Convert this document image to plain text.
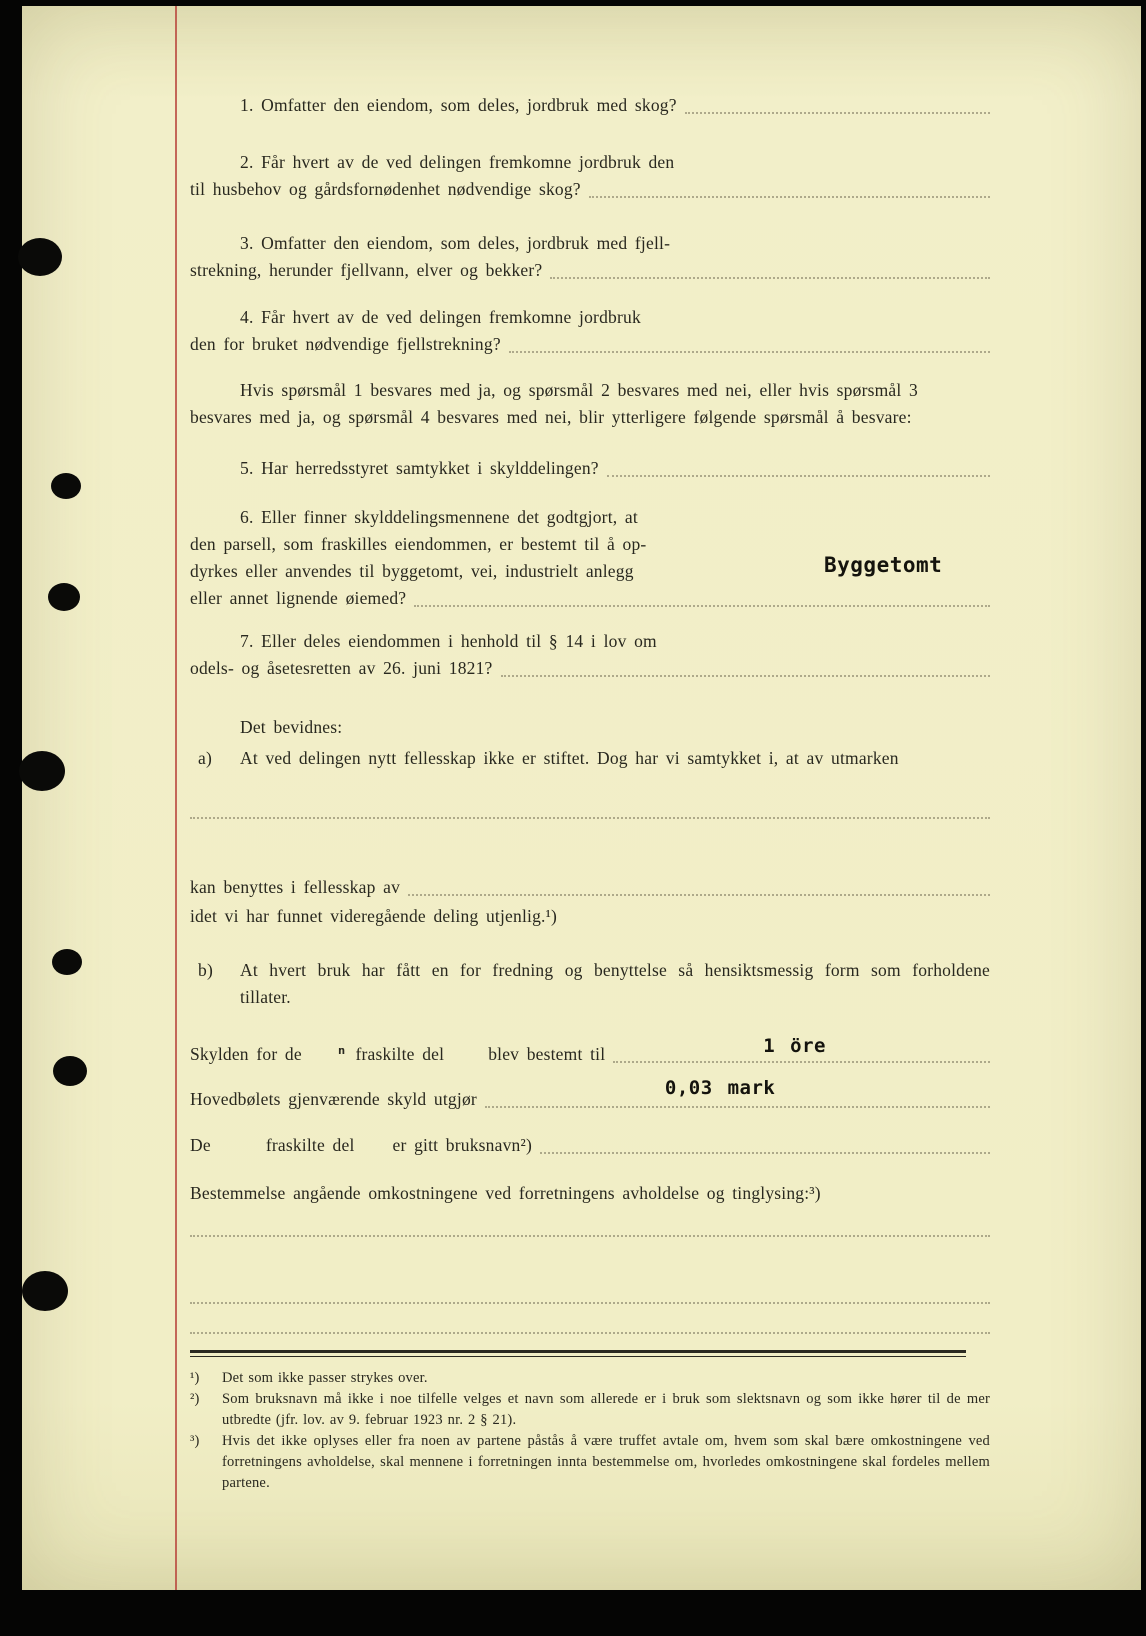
1. Omfatter den eiendom, som deles, jordbruk med skog?
2. Får hvert av de ved delingen fremkomne jordbruk den
til husbehov og gårdsfornødenhet nødvendige skog?
3. Omfatter den eiendom, som deles, jordbruk med fjell-
strekning, herunder fjellvann, elver og bekker?
4. Får hvert av de ved delingen fremkomne jordbruk
den for bruket nødvendige fjellstrekning?
Hvis spørsmål 1 besvares med ja, og spørsmål 2 besvares med nei, eller hvis spørsmål 3
besvares med ja, og spørsmål 4 besvares med nei, blir ytterligere følgende spørsmål å besvare:
5. Har herredsstyret samtykket i skylddelingen?
6. Eller finner skylddelingsmennene det godtgjort, at
den parsell, som fraskilles eiendommen, er bestemt til å op-
dyrkes eller anvendes til byggetomt, vei, industrielt anlegg
eller annet lignende øiemed?
Byggetomt
7. Eller deles eiendommen i henhold til § 14 i lov om
odels- og åsetesretten av 26. juni 1821?
Det bevidnes:
a) At ved delingen nytt fellesskap ikke er stiftet. Dog har vi samtykket i, at av utmarken
kan benyttes i fellesskap av
idet vi har funnet videregående deling utjenlig.¹)
b) At hvert bruk har fått en for fredning og benyttelse så hensiktsmessig form som forholdene tillater.
Skylden for de ⁿ fraskilte del	blev bestemt til	1 öre
Hovedbølets gjenværende skyld utgjør	0,03 mark
De	fraskilte del er gitt bruksnavn²)
Bestemmelse angående omkostningene ved forretningens avholdelse og tinglysing:³)
¹)	Det som ikke passer strykes over.
²)	Som bruksnavn må ikke i noe tilfelle velges et navn som allerede er i bruk som slektsnavn og som ikke hører til de mer utbredte (jfr. lov. av 9. februar 1923 nr. 2 § 21).
³)	Hvis det ikke oplyses eller fra noen av partene påstås å være truffet avtale om, hvem som skal bære omkostningene ved forretningens avholdelse, skal mennene i forretningen innta bestemmelse om, hvorledes omkostningene skal fordeles mellem partene.
